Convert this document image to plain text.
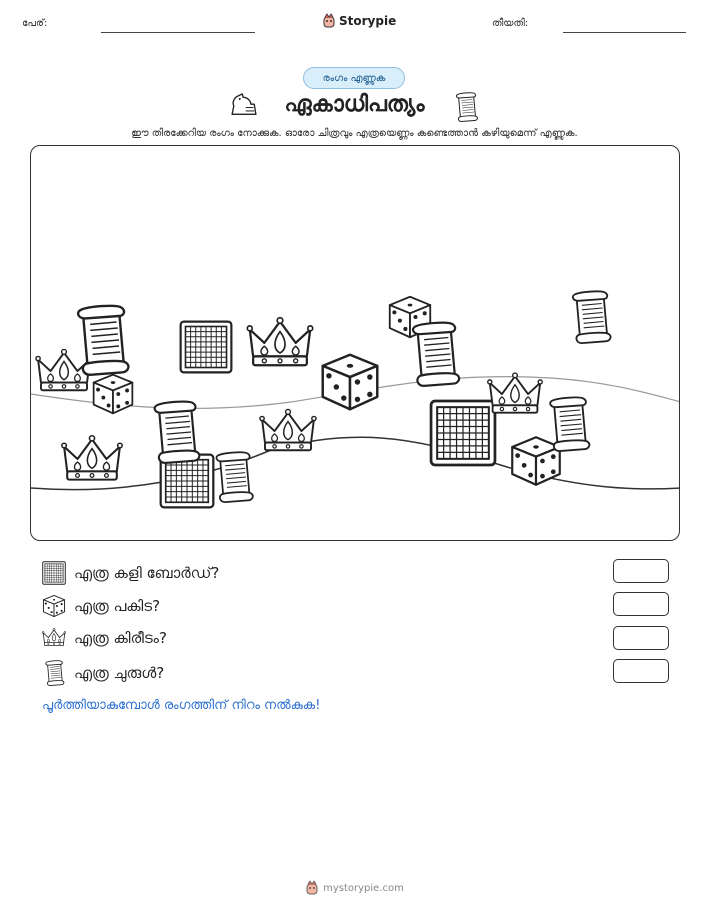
പേര്:	Storypie	തീയതി:
രംഗം എണ്ണുക
ഏകാധിപത്യം
ഈ തിരക്കേറിയ രംഗം നോക്കുക. ഓരോ ചിത്രവും എത്രയെണ്ണം കണ്ടെത്താൻ കഴിയുമെന്ന് എണ്ണുക.
എത്ര കളി ബോർഡ്?
എത്ര പകിട?
എത്ര കിരീടം?
എത്ര ചുരുൾ?
പൂർത്തിയാകുമ്പോൾ രംഗത്തിന് നിറം നൽകുക!
mystorypie.com
